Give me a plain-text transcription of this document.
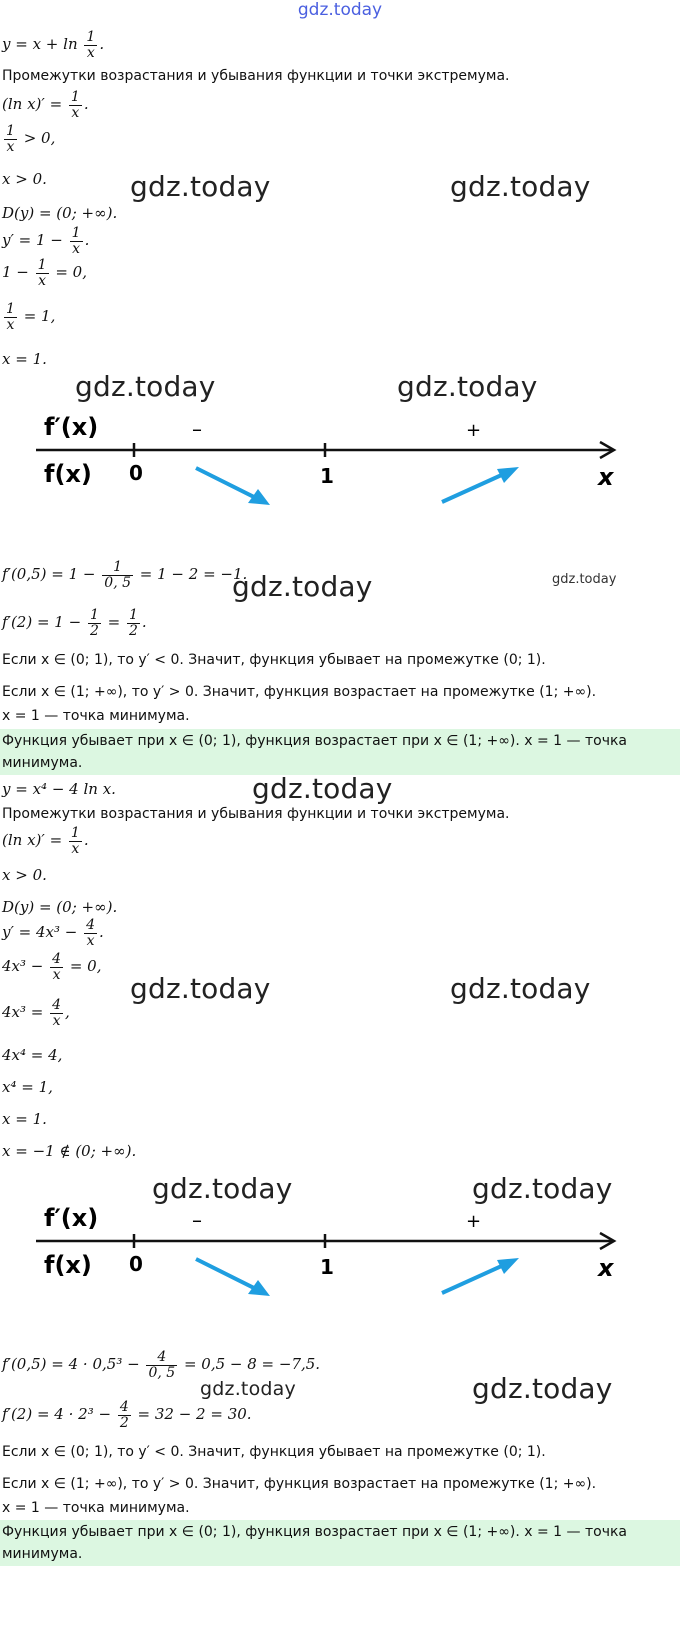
gdz.today
$y = x + \ln \frac{1}{x}$ .
Промежутки возрастания и убывания функции и точки экстремума.
(ln $x)' = \frac{1}{x}$ .
$\frac{1}{x} > 0$,
x > 0.
D(y) = (0; +∞).
$y' = 1 - \frac{1}{x}$ .
$1 - \frac{1}{x} = 0$,
$\frac{1}{x} = 1$,
x = 1.
gdz.today	gdz.today
gdz.today	gdz.today
f′(x)
f(x) 0	1	x
–	+
$f'(0,5) = 1 - \frac{1}{0, 5} = 1 - 2 = -1$.
gdz.today	gdz.today
$f'(2) = 1 - \frac{1}{2} = \frac{1}{2}$ .
Если x ∈ (0; 1), то y′ < 0. Значит, функция убывает на промежутке (0; 1).
Если x ∈ (1; +∞), то y′ > 0. Значит, функция возрастает на промежутке (1; +∞).
x = 1 — точка минимума.
Функция убывает при x ∈ (0; 1), функция возрастает при x ∈ (1; +∞). x = 1 — точка минимума.
y = x⁴ − 4 ln x.	gdz.today
Промежутки возрастания и убывания функции и точки экстремума.
(ln $x)' = \frac{1}{x}$ .
x > 0.
D(y) = (0; +∞).
$y' = 4x^3 - \frac{4}{x}$ .
$4x^3 - \frac{4}{x} = 0$,
$4x^3 = \frac{4}{x}$ ,
4x⁴ = 4,
x⁴ = 1,
x = 1.
x = −1 ∉ (0; +∞).
gdz.today	gdz.today
gdz.today	gdz.today
f′(x)
f(x) 0	1	x
–	+
$f'(0,5) = 4 \cdot 0,5^3 - \frac{4}{0, 5} = 0,5 - 8 = -7,5$.
gdz.today	gdz.today
$f'(2) = 4 \cdot 2^3 - \frac{4}{2} = 32 - 2 = 30$.
Если x ∈ (0; 1), то y′ < 0. Значит, функция убывает на промежутке (0; 1).
Если x ∈ (1; +∞), то y′ > 0. Значит, функция возрастает на промежутке (1; +∞).
x = 1 — точка минимума.
Функция убывает при x ∈ (0; 1), функция возрастает при x ∈ (1; +∞). x = 1 — точка минимума.
